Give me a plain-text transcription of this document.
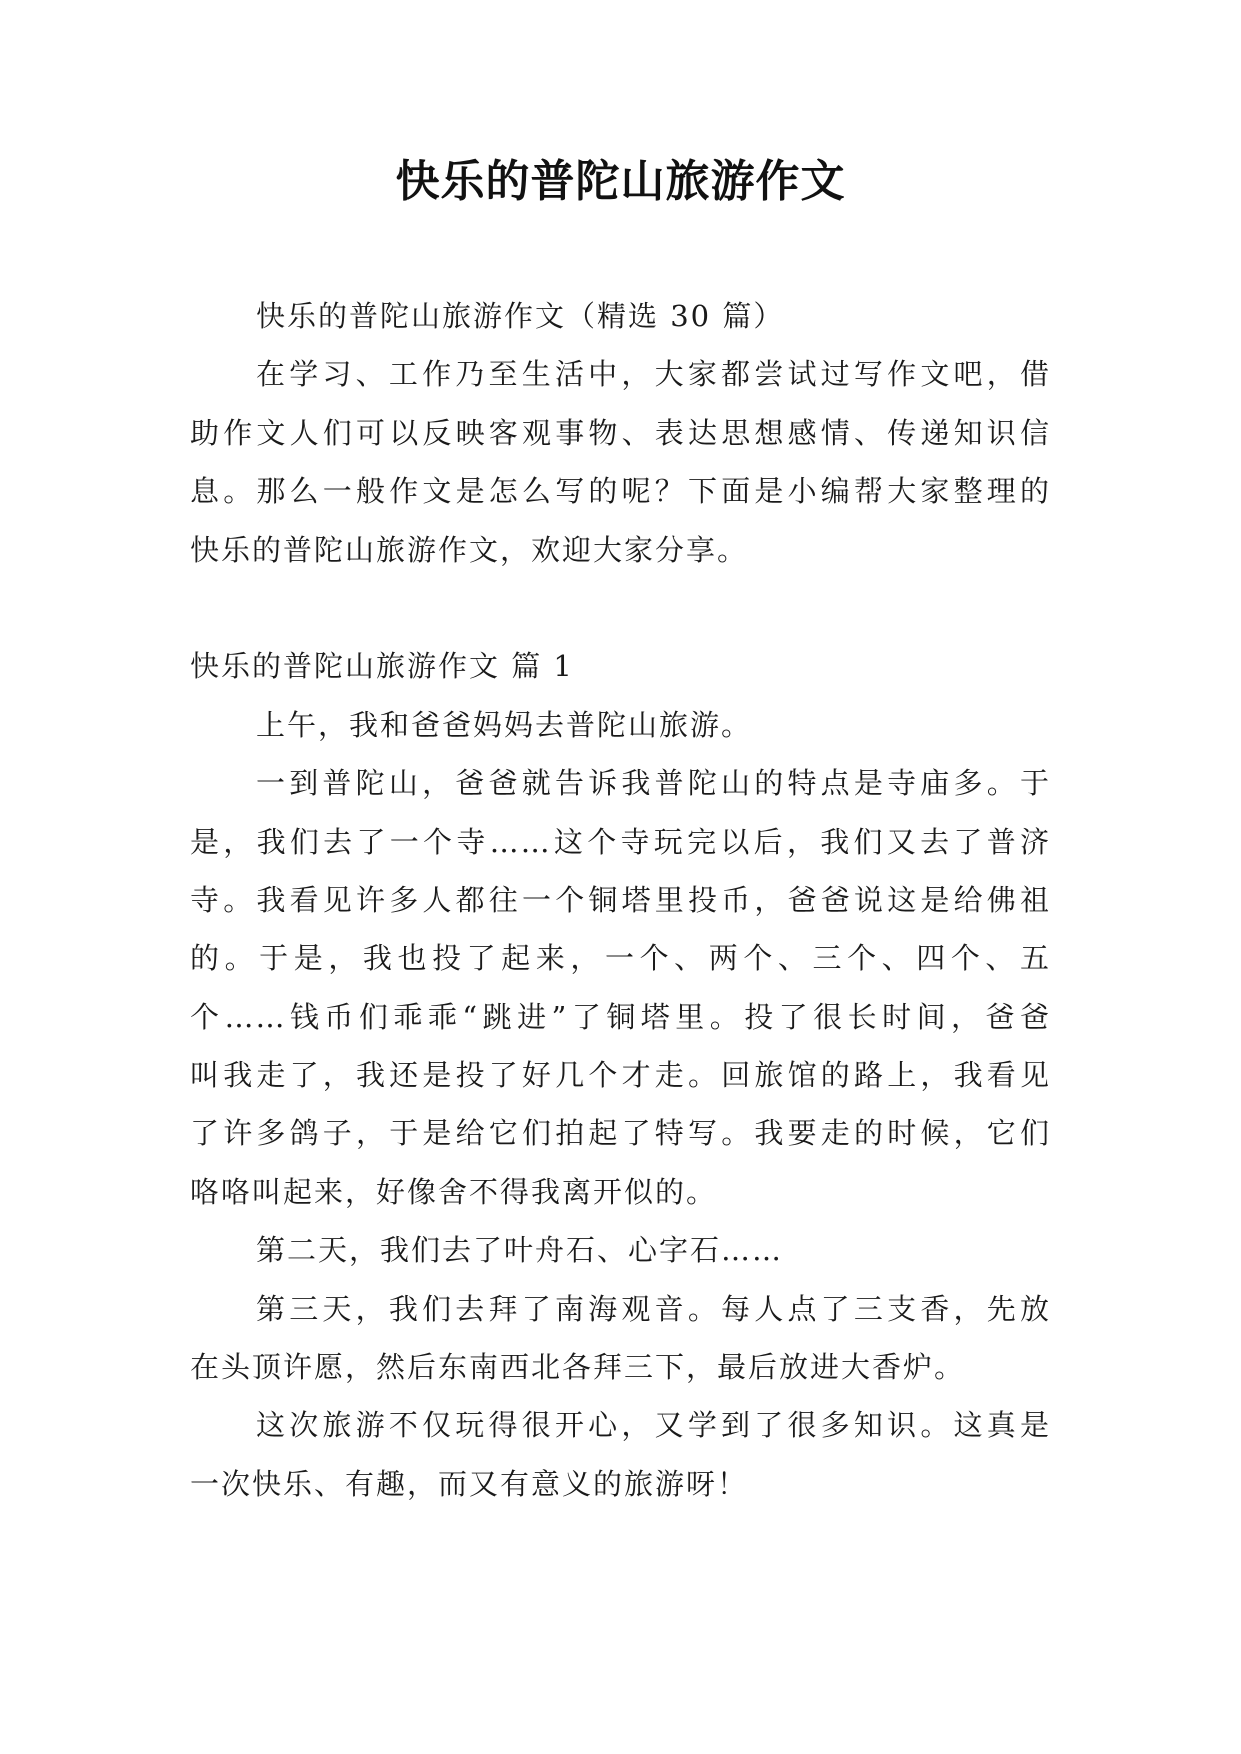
快乐的普陀山旅游作文
快乐的普陀山旅游作文（精选 30 篇）
在学习、工作乃至生活中，大家都尝试过写作文吧，借
助作文人们可以反映客观事物、表达思想感情、传递知识信
息。那么一般作文是怎么写的呢？下面是小编帮大家整理的
快乐的普陀山旅游作文，欢迎大家分享。
快乐的普陀山旅游作文 篇 1
上午，我和爸爸妈妈去普陀山旅游。
一到普陀山，爸爸就告诉我普陀山的特点是寺庙多。于
是，我们去了一个寺……这个寺玩完以后，我们又去了普济
寺。我看见许多人都往一个铜塔里投币，爸爸说这是给佛祖
的。于是，我也投了起来，一个、两个、三个、四个、五
个……钱币们乖乖“跳进”了铜塔里。投了很长时间，爸爸
叫我走了，我还是投了好几个才走。回旅馆的路上，我看见
了许多鸽子，于是给它们拍起了特写。我要走的时候，它们
咯咯叫起来，好像舍不得我离开似的。
第二天，我们去了叶舟石、心字石……
第三天，我们去拜了南海观音。每人点了三支香，先放
在头顶许愿，然后东南西北各拜三下，最后放进大香炉。
这次旅游不仅玩得很开心，又学到了很多知识。这真是
一次快乐、有趣，而又有意义的旅游呀！
